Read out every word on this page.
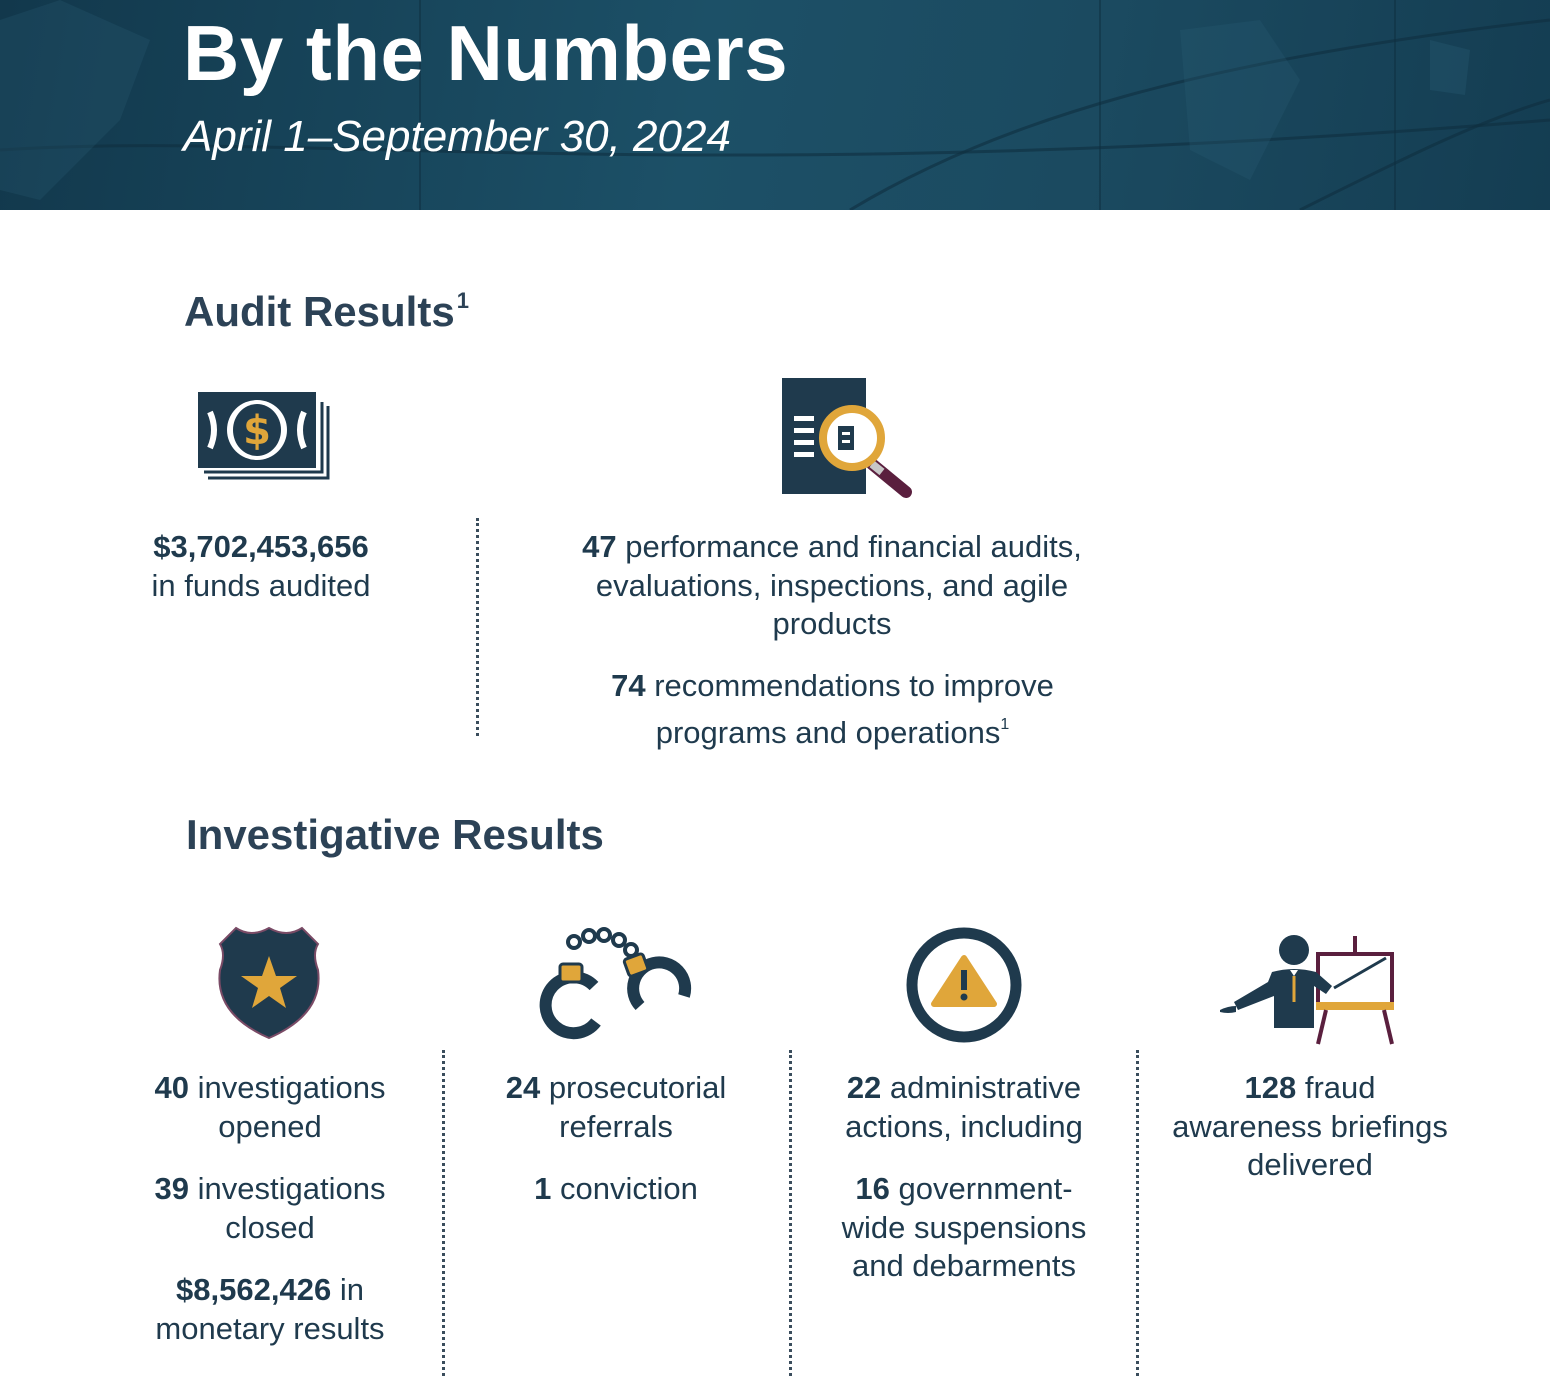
By the Numbers

April 1–September 30, 2024

Audit Results$^1$
$
$3,702,453,656
in funds audited
47 performance and financial audits, evaluations, inspections, and agile products
74 recommendations to improve programs and operations$^1$
Investigative Results
40 investigations opened
39 investigations closed
$8,562,426 in monetary results
24 prosecutorial referrals
1 conviction
22 administrative actions, including
16 government-wide suspensions and debarments
128 fraud awareness briefings delivered
